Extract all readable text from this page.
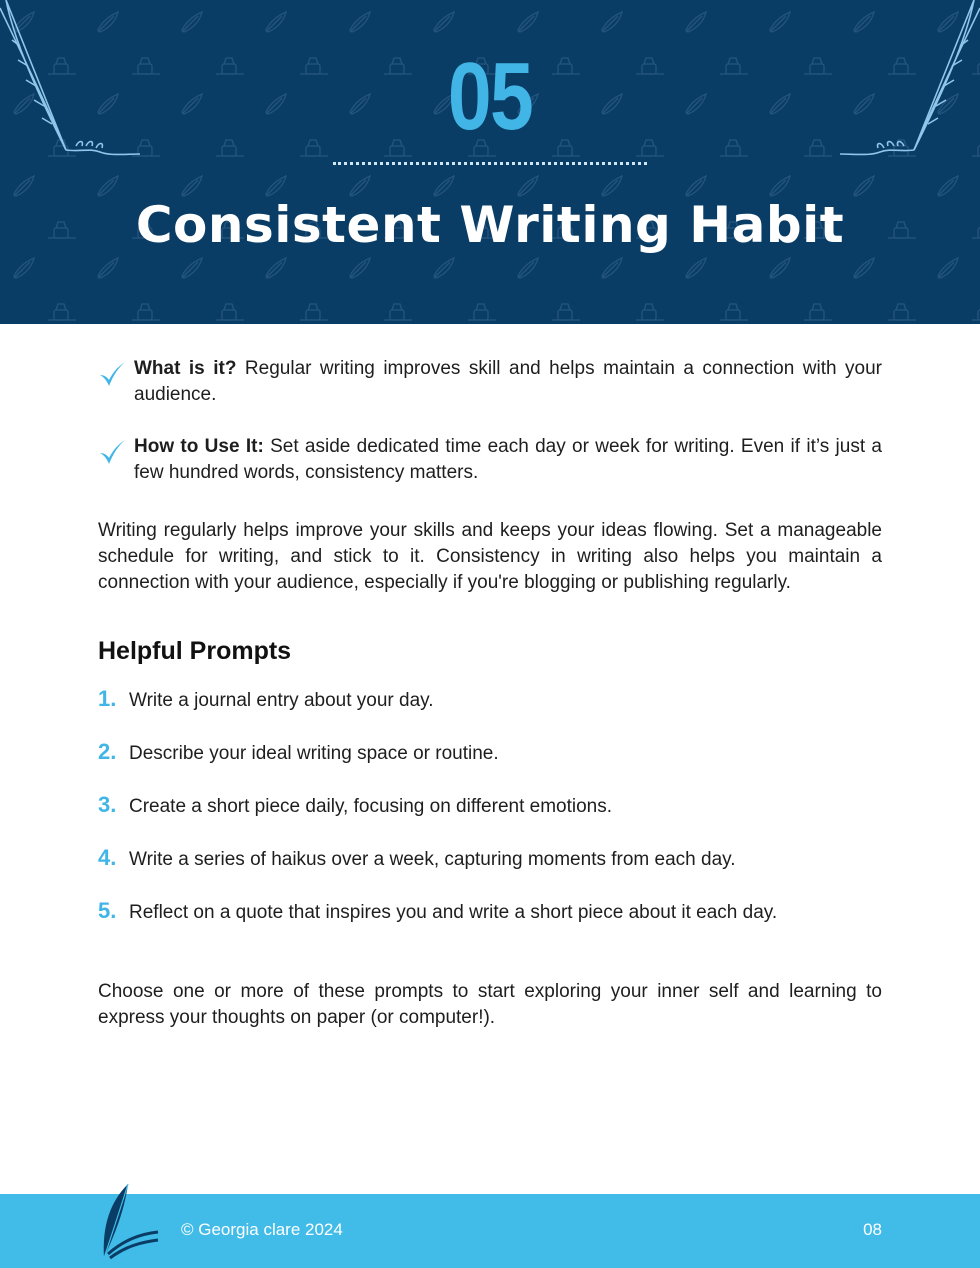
05
Consistent Writing Habit

What is it? Regular writing improves skill and helps maintain a connection with your audience.

How to Use It: Set aside dedicated time each day or week for writing. Even if it’s just a few hundred words, consistency matters.

Writing regularly helps improve your skills and keeps your ideas flowing. Set a manageable schedule for writing, and stick to it. Consistency in writing also helps you maintain a connection with your audience, especially if you're blogging or publishing regularly.

Helpful Prompts
1. Write a journal entry about your day.
2. Describe your ideal writing space or routine.
3. Create a short piece daily, focusing on different emotions.
4. Write a series of haikus over a week, capturing moments from each day.
5. Reflect on a quote that inspires you and write a short piece about it each day.

Choose one or more of these prompts to start exploring your inner self and learning to express your thoughts on paper (or computer!).

© Georgia clare 2024	08
